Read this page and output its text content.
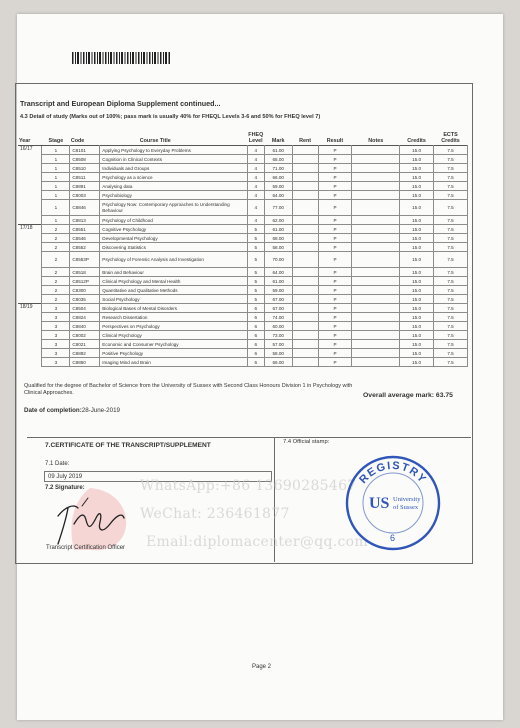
Transcript and European Diploma Supplement continued...
4.3 Detail of study (Marks out of 100%; pass mark is usually 40% for FHEQL Levels 3-6 and 50% for FHEQ level 7)
Year	Stage	Code	Course Title	FHEQ Level	Mark	Rent	Result	Notes	Credits	ECTS Credits
16/17	1	C8101	Applying Psychology to Everyday Problems	4	61.00		P		15.0	7.5
	1	C8508	Cognition in Clinical Contexts	4	65.00		P		15.0	7.5
	1	C8510	Individuals and Groups	4	71.00		P		15.0	7.5
	1	C8511	Psychology as a science	4	66.00		P		15.0	7.5
	1	C8891	Analysing data	4	59.00		P		15.0	7.5
	1	C8003	Psychobiology	4	64.00		P		15.0	7.5
	1	C8846	Psychology Now: Contemporary Approaches to Understanding Behaviour	4	77.00		P		15.0	7.5
	1	C8813	Psychology of Childhood	4	62.00		P		15.0	7.5
17/18	2	C8551	Cognitive Psychology	5	61.00		P		15.0	7.5
	2	C8546	Developmental Psychology	5	68.00		P		15.0	7.5
	2	C8552	Discovering Statistics	5	58.00		P		15.0	7.5
	2	C8553P	Psychology of Forensic Analysis and Investigation	5	70.00		P		15.0	7.5
	2	C8518	Brain and Behaviour	5	64.00		P		15.0	7.5
	2	C8512P	Clinical Psychology and Mental Health	5	61.00		P		15.0	7.5
	2	C8300	Quantitative and Qualitative Methods	5	59.00		P		15.0	7.5
	2	C8035	Social Psychology	5	67.00		P		15.0	7.5
18/19	3	C8504	Biological Bases of Mental Disorders	6	67.00		P		15.0	7.5
	3	C8824	Research Dissertation	6	74.00		P		15.0	7.5
	3	C8840	Perspectives on Psychology	6	60.00		P		15.0	7.5
	3	C8002	Clinical Psychology	6	73.00		P		15.0	7.5
	3	C8021	Economic and Consumer Psychology	6	57.00		P		15.0	7.5
	3	C8892	Positive Psychology	6	58.00		P		15.0	7.5
	3	C8850	Imaging Mind and Brain	6	66.00		P		15.0	7.5
Qualified for the degree of Bachelor of Science from the University of Sussex with Second Class Honours Division 1 in Psychology with Clinical Approaches.	Overall average mark: 63.75
Date of completion:28-June-2019
7.CERTIFICATE OF THE TRANSCRIPT/SUPPLEMENT	7.4 Official stamp:
7.1 Date:
09 July 2019
7.2 Signature:
Transcript Certification Officer
WhatsApp:+86 13690285467
WeChat: 236461877
Email:diplomacenter@qq.com
REGISTRY
US University
of Sussex
6
Page 2
